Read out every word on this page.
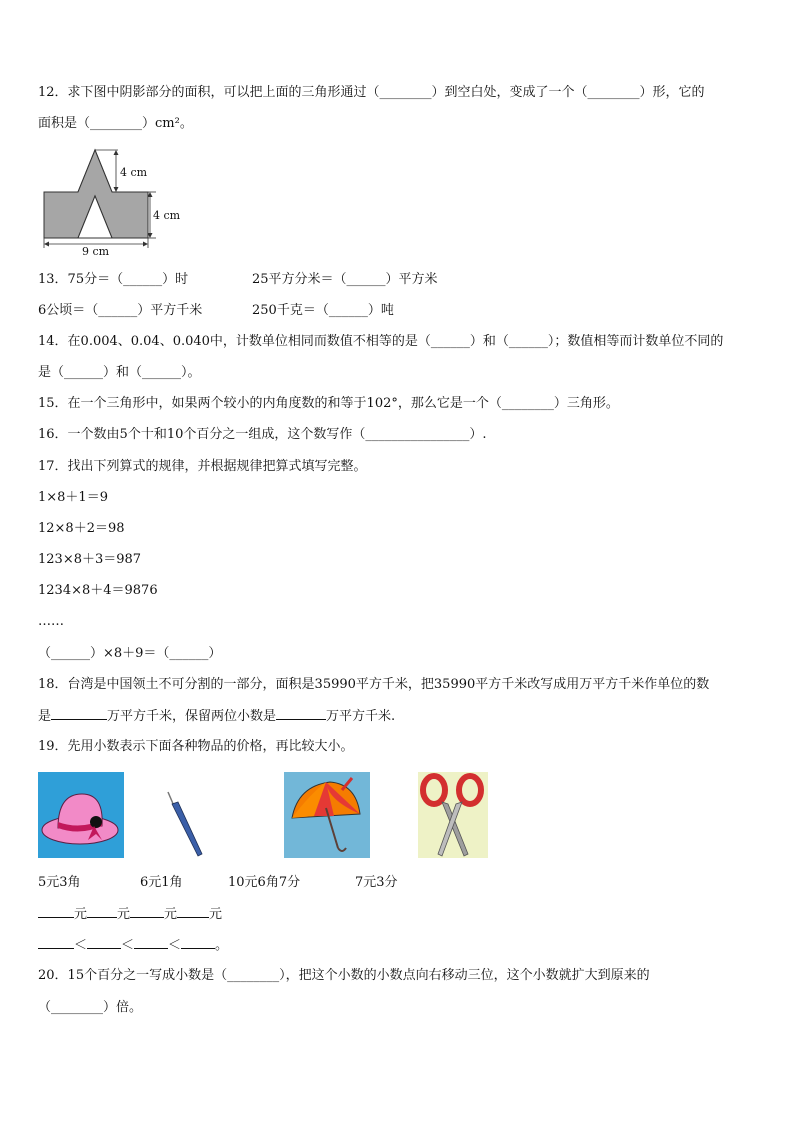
12．求下图中阴影部分的面积，可以把上面的三角形通过（________）到空白处，变成了一个（________）形，它的
面积是（________）cm²。
4 cm
4 cm
9 cm
13．75分＝（______）时	25平方分米＝（______）平方米
6公顷＝（______）平方千米	250千克＝（______）吨
14．在0.004、0.04、0.040中，计数单位相同而数值不相等的是（______）和（______）；数值相等而计数单位不同的
是（______）和（______）。
15．在一个三角形中，如果两个较小的内角度数的和等于102°，那么它是一个（________）三角形。
16．一个数由5个十和10个百分之一组成，这个数写作（________________）.
17．找出下列算式的规律，并根据规律把算式填写完整。
1×8＋1＝9
12×8＋2＝98
123×8＋3＝987
1234×8＋4＝9876
……
（______）×8＋9＝（______）
18．台湾是中国领土不可分割的一部分，面积是35990平方千米，把35990平方千米改写成用万平方千米作单位的数
是	万平方千米，保留两位小数是	万平方千米.
19．先用小数表示下面各种物品的价格，再比较大小。
5元3角	6元1角	10元6角7分	7元3分
元 元	元 元
＜	＜	＜	。
20．15个百分之一写成小数是（________），把这个小数的小数点向右移动三位，这个小数就扩大到原来的
（________）倍。
